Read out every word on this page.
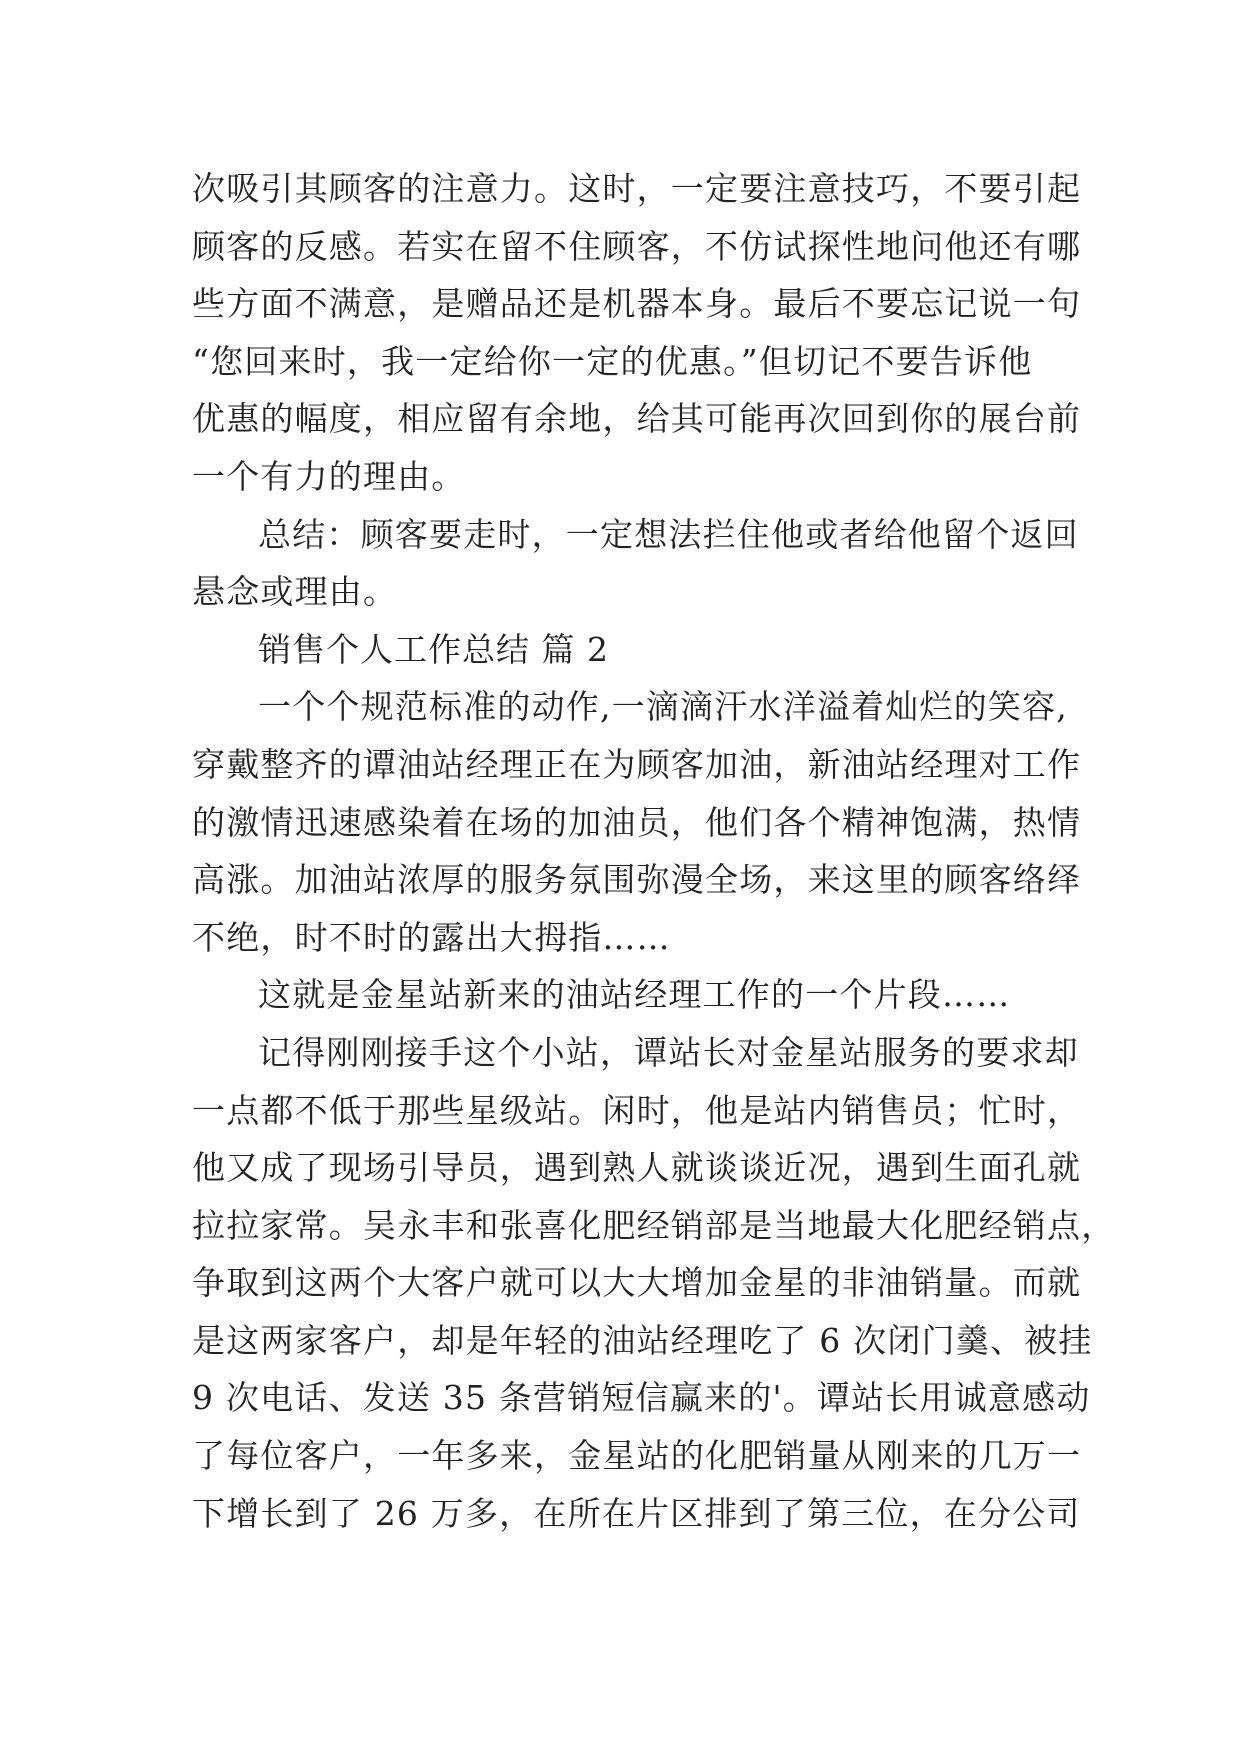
次吸引其顾客的注意力。这时，一定要注意技巧，不要引起
顾客的反感。若实在留不住顾客，不仿试探性地问他还有哪
些方面不满意，是赠品还是机器本身。最后不要忘记说一句
“您回来时，我一定给你一定的优惠。”但切记不要告诉他
优惠的幅度，相应留有余地，给其可能再次回到你的展台前
一个有力的理由。
总结：顾客要走时，一定想法拦住他或者给他留个返回
悬念或理由。
销售个人工作总结 篇 2
一个个规范标准的动作,一滴滴汗水洋溢着灿烂的笑容,
穿戴整齐的谭油站经理正在为顾客加油，新油站经理对工作
的激情迅速感染着在场的加油员，他们各个精神饱满，热情
高涨。加油站浓厚的服务氛围弥漫全场，来这里的顾客络绎
不绝，时不时的露出大拇指……
这就是金星站新来的油站经理工作的一个片段……
记得刚刚接手这个小站，谭站长对金星站服务的要求却
一点都不低于那些星级站。闲时，他是站内销售员；忙时，
他又成了现场引导员，遇到熟人就谈谈近况，遇到生面孔就
拉拉家常。吴永丰和张喜化肥经销部是当地最大化肥经销点，
争取到这两个大客户就可以大大增加金星的非油销量。而就
是这两家客户，却是年轻的油站经理吃了 6 次闭门羹、被挂
9 次电话、发送 35 条营销短信赢来的'。谭站长用诚意感动
了每位客户，一年多来，金星站的化肥销量从刚来的几万一
下增长到了 26 万多，在所在片区排到了第三位，在分公司
